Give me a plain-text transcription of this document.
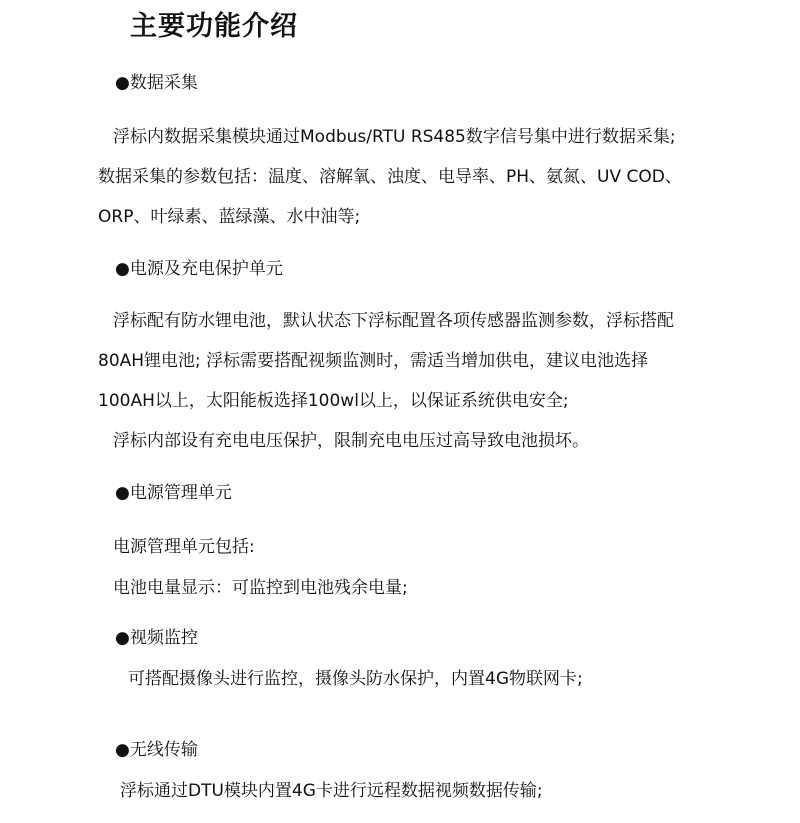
主要功能介绍
●数据采集
浮标内数据采集模块通过Modbus/RTU RS485数字信号集中进行数据采集;
数据采集的参数包括：温度、溶解氧、浊度、电导率、PH、氨氮、UV COD、
ORP、叶绿素、蓝绿藻、水中油等;
●电源及充电保护单元
浮标配有防水锂电池，默认状态下浮标配置各项传感器监测参数，浮标搭配
80AH锂电池; 浮标需要搭配视频监测时，需适当增加供电，建议电池选择
100AH以上，太阳能板选择100wl以上，以保证系统供电安全;
浮标内部设有充电电压保护，限制充电电压过高导致电池损坏。
●电源管理单元
电源管理单元包括:
电池电量显示：可监控到电池残余电量;
●视频监控
可搭配摄像头进行监控，摄像头防水保护，内置4G物联网卡;
●无线传输
浮标通过DTU模块内置4G卡进行远程数据视频数据传输;
